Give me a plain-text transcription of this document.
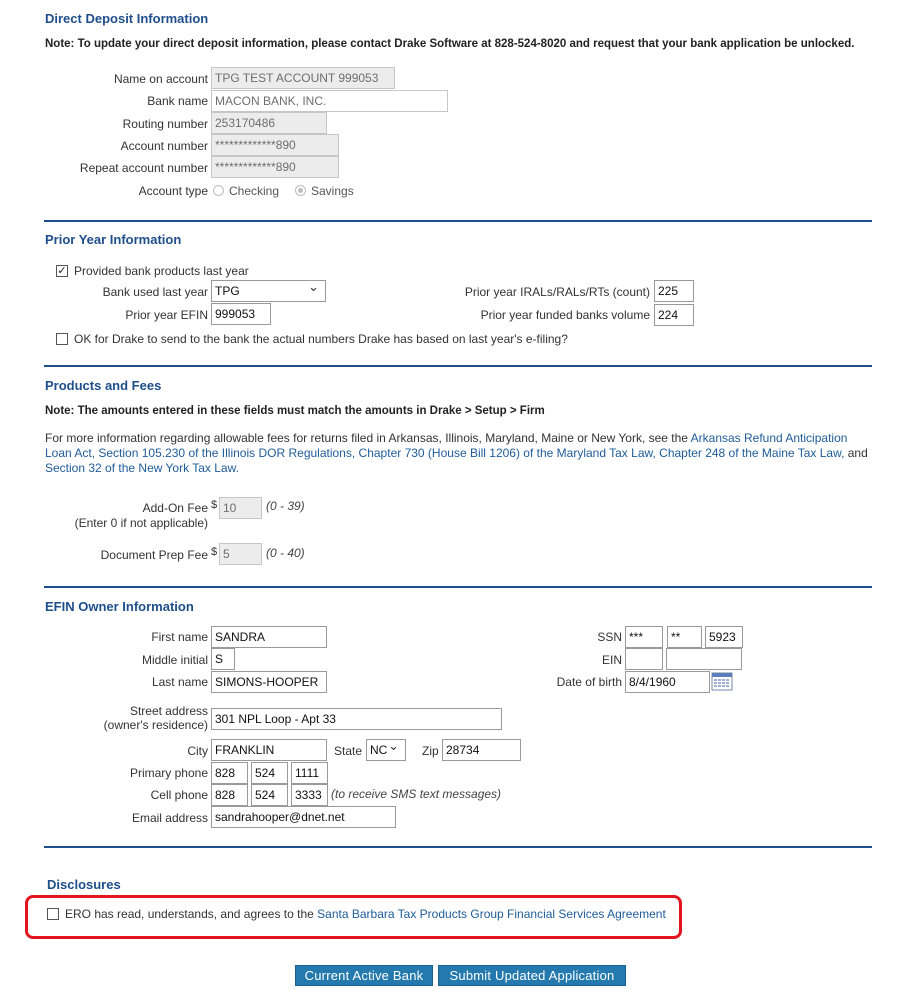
Direct Deposit Information
Note: To update your direct deposit information, please contact Drake Software at 828-524-8020 and request that your bank application be unlocked.
Name on account TPG TEST ACCOUNT 999053
Bank name MACON BANK, INC.
Routing number 253170486
Account number *************890
Repeat account number *************890
Account type Checking	Savings
Prior Year Information
✓ Provided bank products last year
Bank used last year TPG ⌄
Prior year EFIN 999053
Prior year IRALs/RALs/RTs (count) 225
Prior year funded banks volume 224
OK for Drake to send to the bank the actual numbers Drake has based on last year's e-filing?
Products and Fees
Note: The amounts entered in these fields must match the amounts in Drake > Setup > Firm
For more information regarding allowable fees for returns filed in Arkansas, Illinois, Maryland, Maine or New York, see the Arkansas Refund Anticipation Loan Act, Section 105.230 of the Illinois DOR Regulations, Chapter 730 (House Bill 1206) of the Maryland Tax Law, Chapter 248 of the Maine Tax Law, and Section 32 of the New York Tax Law.
Add-On Fee
(Enter 0 if not applicable)
$ 10	(0 - 39)
Document Prep Fee $ 5	(0 - 40)
EFIN Owner Information
First name SANDRA
Middle initial S
Last name SIMONS-HOOPER
Street address
(owner's residence) 301 NPL Loop - Apt 33
City FRANKLIN	State NC ⌄	Zip 28734
Primary phone 828	524	1111
Cell phone 828	524	3333 (to receive SMS text messages)
Email address sandrahooper@dnet.net
SSN ***	**	5923
EIN
Date of birth 8/4/1960
Disclosures
ERO has read, understands, and agrees to the Santa Barbara Tax Products Group Financial Services Agreement
Current Active Bank	Submit Updated Application
